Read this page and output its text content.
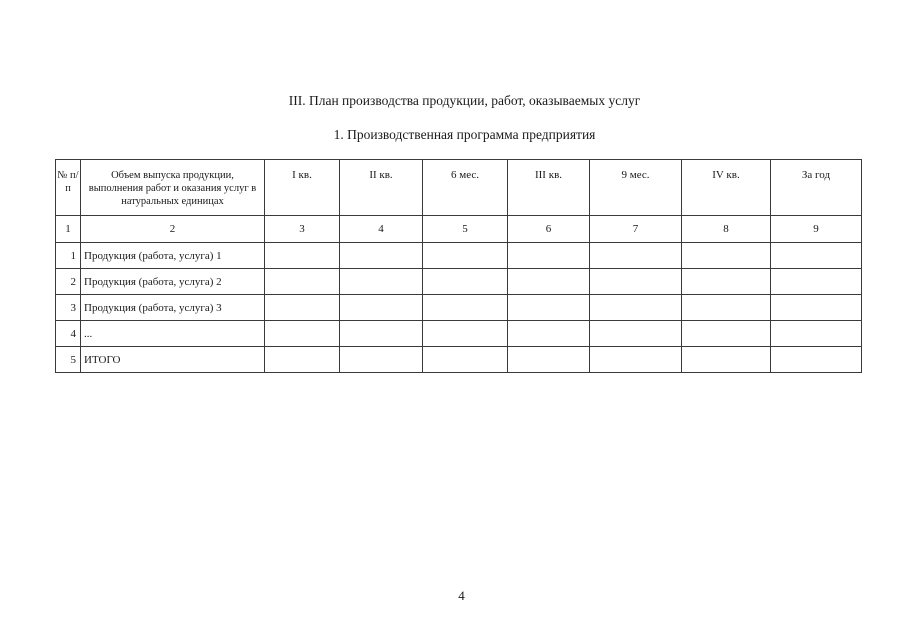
III. План производства продукции, работ, оказываемых услуг
1. Производственная программа предприятия
№ п/п	Объем выпуска продукции, выполнения работ и оказания услуг в натуральных единицах	I кв.	II кв.	6 мес.	III кв.	9 мес.	IV кв.	За год
1	2	3	4	5	6	7	8	9
1	Продукция (работа, услуга) 1							
2	Продукция (работа, услуга) 2							
3	Продукция (работа, услуга) 3							
4	...							
5	ИТОГО							
4
